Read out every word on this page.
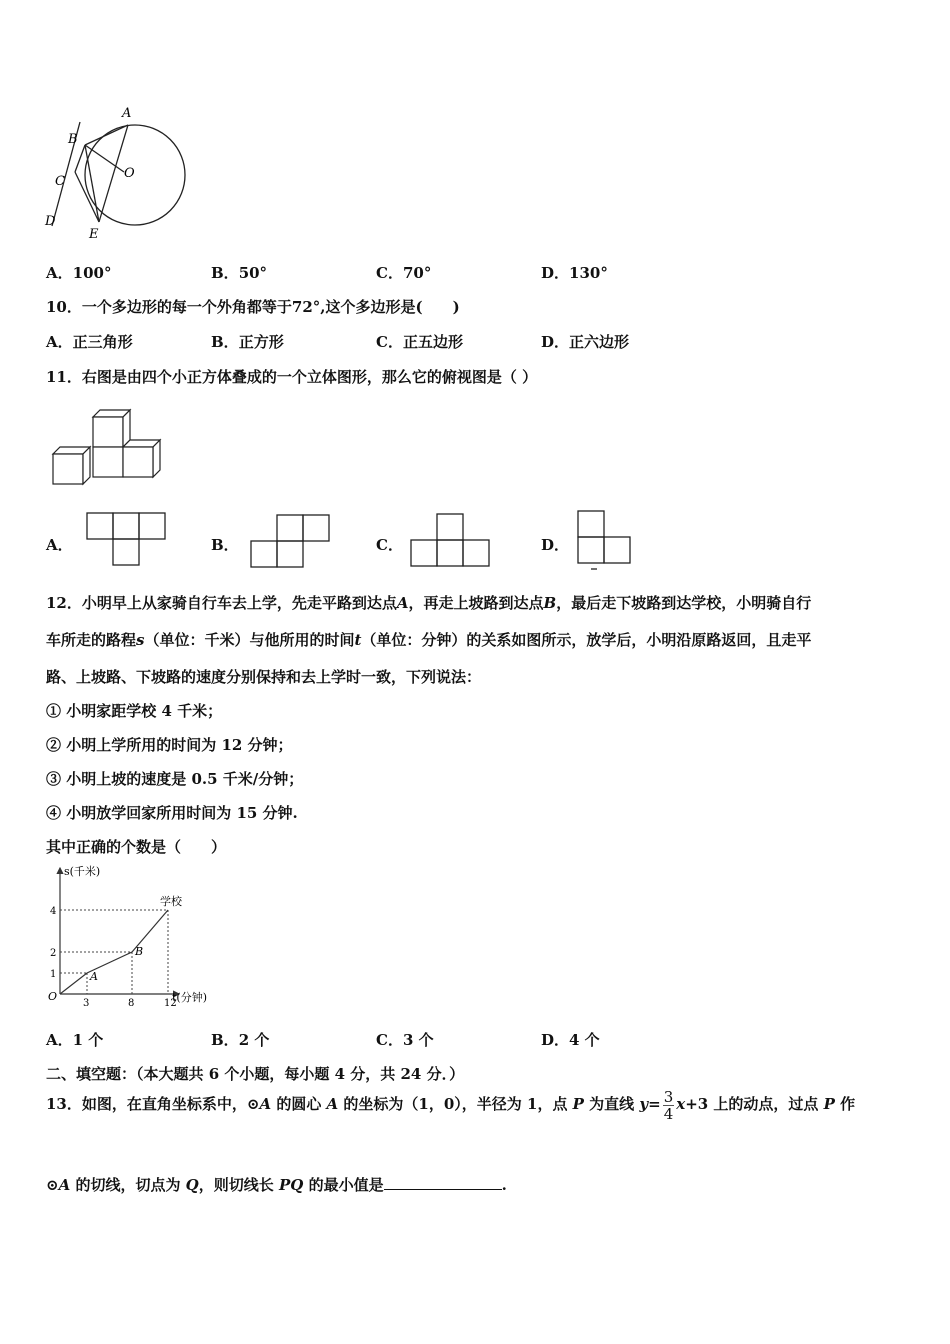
A
B
C
D
E
O
A．100°	B．50°	C．70°	D．130°
10．一个多边形的每一个外角都等于72°,这个多边形是(　　)
A．正三角形	B．正方形	C．正五边形	D．正六边形
11．右图是由四个小正方体叠成的一个立体图形，那么它的俯视图是（ ）
A．	B．	C．	D．
12．小明早上从家骑自行车去上学，先走平路到达点A，再走上坡路到达点B，最后走下坡路到达学校，小明骑自行
车所走的路程s（单位：千米）与他所用的时间t（单位：分钟）的关系如图所示，放学后，小明沿原路返回，且走平
路、上坡路、下坡路的速度分别保持和去上学时一致，下列说法：
① 小明家距学校 4 千米；
② 小明上学所用的时间为 12 分钟；
③ 小明上坡的速度是 0.5 千米/分钟；
④ 小明放学回家所用时间为 15 分钟.
其中正确的个数是（　　）
3
1	A
8
2	B
12
4
学校
s(千米)
t(分钟)
O
A．1 个	B．2 个	C．3 个	D．4 个
二、填空题：（本大题共 6 个小题，每小题 4 分，共 24 分．）
13．如图，在直角坐标系中，⊙A 的圆心 A 的坐标为（1，0），半径为 1，点 P 为直线 $y= \frac{3}{4} x+3$ 上的动点，过点 P 作
⊙A 的切线，切点为 Q，则切线长 PQ 的最小值是	.
